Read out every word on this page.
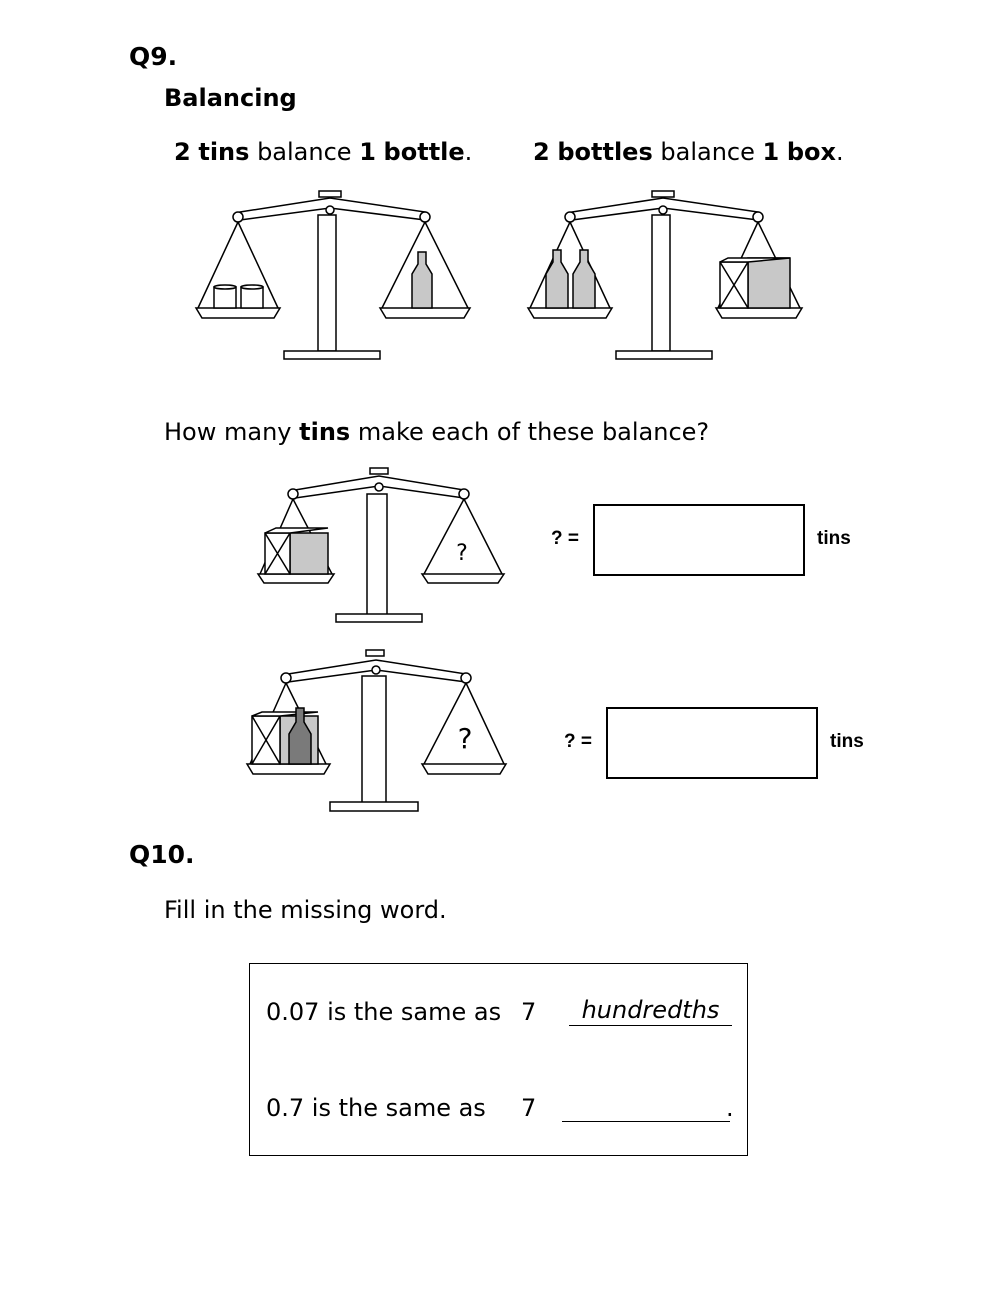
Q9.
Balancing
2 tins balance 1 bottle.	2 bottles balance 1 box.
How many tins make each of these balance?
?
? =	tins
?	? =	tins
Q10.
Fill in the missing word.
0.07 is the same as 7	hundredths
0.7 is the same as 7	.
